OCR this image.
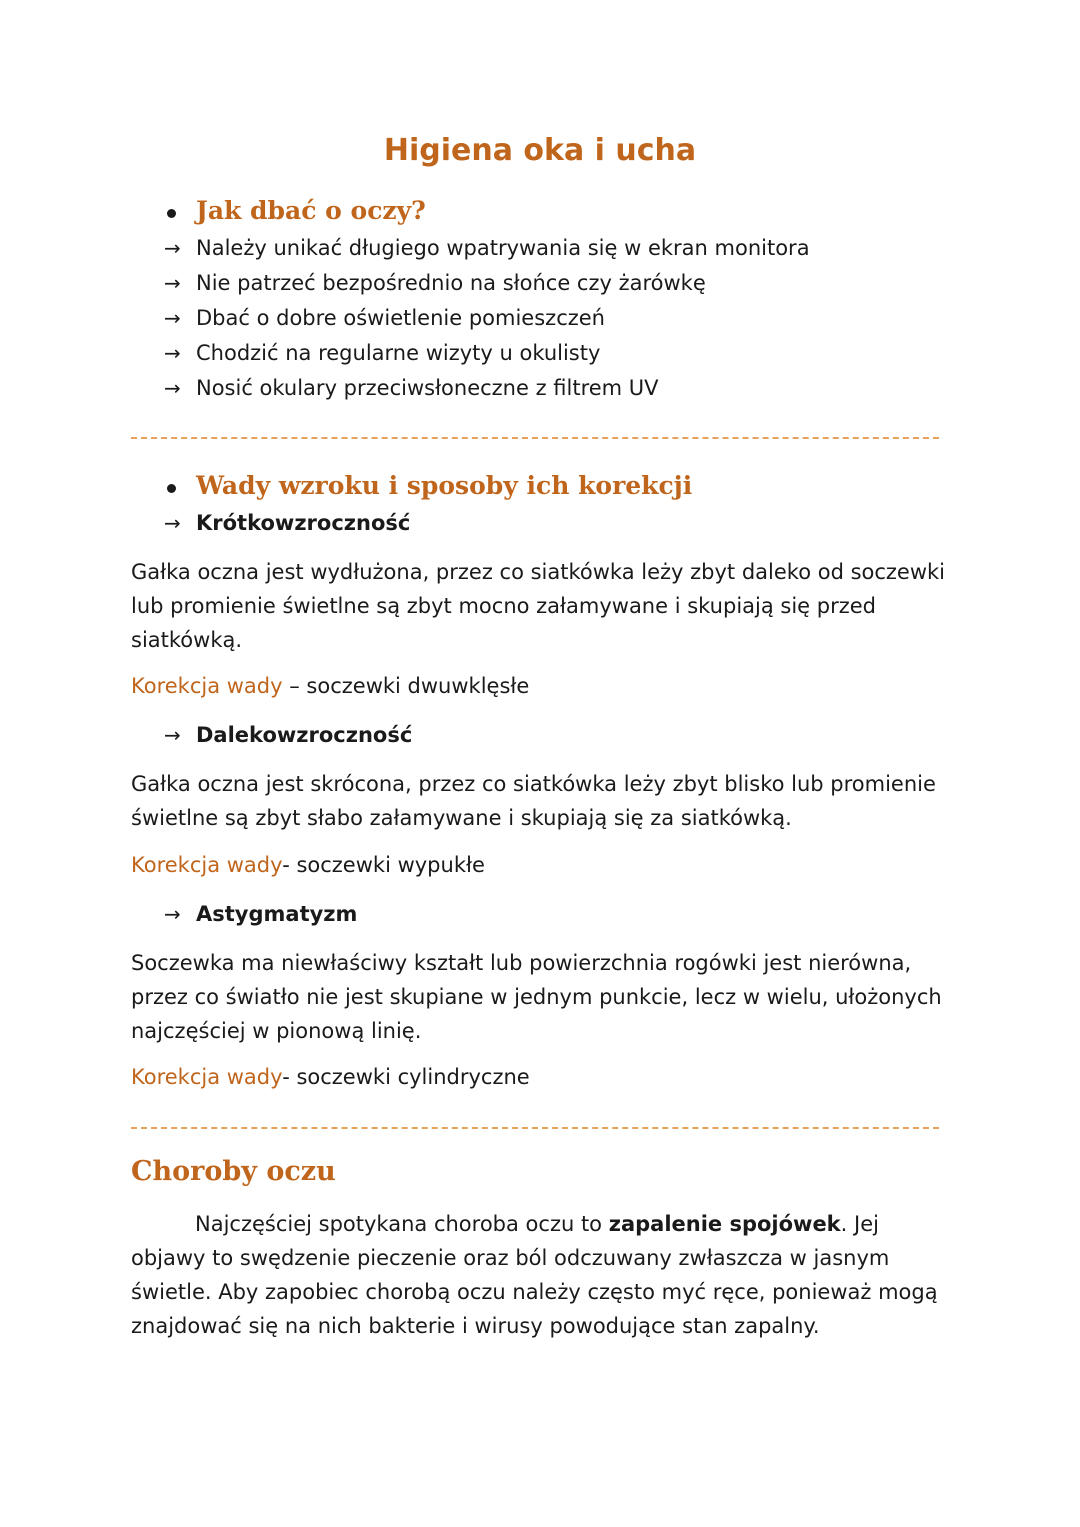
Higiena oka i ucha
Jak dbać o oczy?
→ Należy unikać długiego wpatrywania się w ekran monitora
→ Nie patrzeć bezpośrednio na słońce czy żarówkę
→ Dbać o dobre oświetlenie pomieszczeń
→ Chodzić na regularne wizyty u okulisty
→ Nosić okulary przeciwsłoneczne z filtrem UV
Wady wzroku i sposoby ich korekcji
→ Krótkowzroczność

Gałka oczna jest wydłużona, przez co siatkówka leży zbyt daleko od soczewki lub promienie świetlne są zbyt mocno załamywane i skupiają się przed siatkówką.

Korekcja wady – soczewki dwuwklęsłe
→ Dalekowzroczność

Gałka oczna jest skrócona, przez co siatkówka leży zbyt blisko lub promienie świetlne są zbyt słabo załamywane i skupiają się za siatkówką.

Korekcja wady- soczewki wypukłe
→ Astygmatyzm

Soczewka ma niewłaściwy kształt lub powierzchnia rogówki jest nierówna, przez co światło nie jest skupiane w jednym punkcie, lecz w wielu, ułożonych najczęściej w pionową linię.

Korekcja wady- soczewki cylindryczne
Choroby oczu

Najczęściej spotykana choroba oczu to zapalenie spojówek. Jej objawy to swędzenie pieczenie oraz ból odczuwany zwłaszcza w jasnym świetle. Aby zapobiec chorobą oczu należy często myć ręce, ponieważ mogą znajdować się na nich bakterie i wirusy powodujące stan zapalny.
